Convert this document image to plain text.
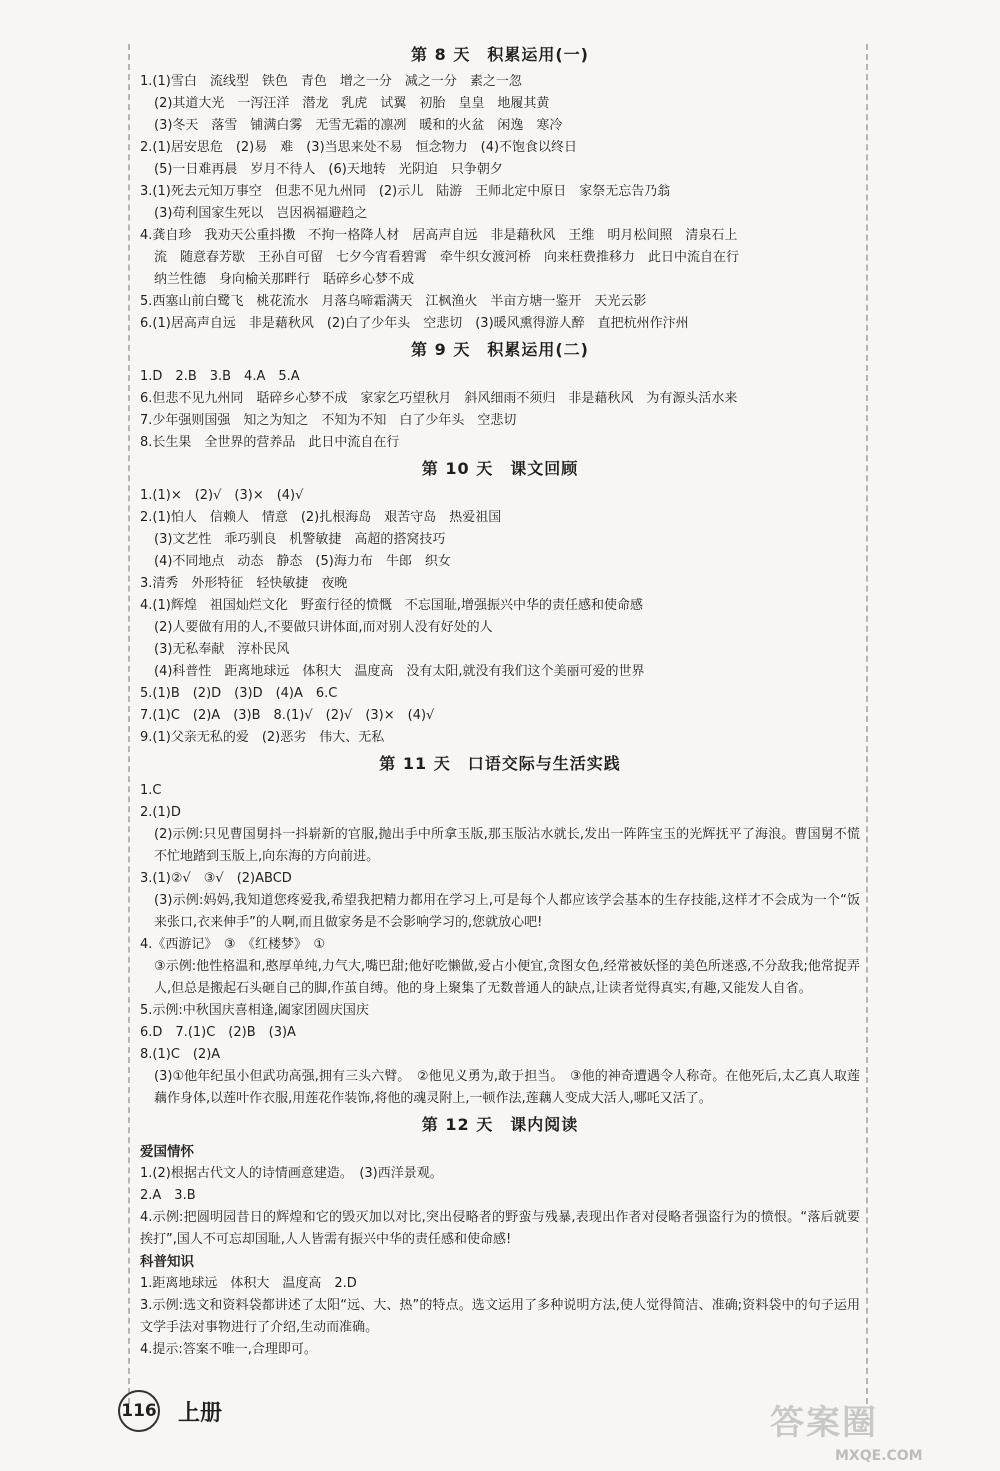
第 8 天　积累运用(一)
1.(1)雪白　流线型　铁色　青色　增之一分　减之一分　素之一忽
(2)其道大光　一泻汪洋　潜龙　乳虎　试翼　初胎　皇皇　地履其黄
(3)冬天　落雪　铺满白雾　无雪无霜的凛冽　暖和的火盆　闲逸　寒冷
2.(1)居安思危　(2)易　难　(3)当思来处不易　恒念物力　(4)不饱食以终日
(5)一日难再晨　岁月不待人　(6)天地转　光阴迫　只争朝夕
3.(1)死去元知万事空　但悲不见九州同　(2)示儿　陆游　王师北定中原日　家祭无忘告乃翁
(3)苟利国家生死以　岂因祸福避趋之
4.龚自珍　我劝天公重抖擞　不拘一格降人材　居高声自远　非是藉秋风　王维　明月松间照　清泉石上
流　随意春芳歇　王孙自可留　七夕今宵看碧霄　牵牛织女渡河桥　向来枉费推移力　此日中流自在行
纳兰性德　身向榆关那畔行　聒碎乡心梦不成
5.西塞山前白鹭飞　桃花流水　月落乌啼霜满天　江枫渔火　半亩方塘一鉴开　天光云影
6.(1)居高声自远　非是藉秋风　(2)白了少年头　空悲切　(3)暖风熏得游人醉　直把杭州作汴州
第 9 天　积累运用(二)
1.D　2.B　3.B　4.A　5.A
6.但悲不见九州同　聒碎乡心梦不成　家家乞巧望秋月　斜风细雨不须归　非是藉秋风　为有源头活水来
7.少年强则国强　知之为知之　不知为不知　白了少年头　空悲切
8.长生果　全世界的营养品　此日中流自在行
第 10 天　课文回顾
1.(1)×　(2)√　(3)×　(4)√
2.(1)怕人　信赖人　情意　(2)扎根海岛　艰苦守岛　热爱祖国
(3)文艺性　乖巧驯良　机警敏捷　高超的搭窝技巧
(4)不同地点　动态　静态　(5)海力布　牛郎　织女
3.清秀　外形特征　轻快敏捷　夜晚
4.(1)辉煌　祖国灿烂文化　野蛮行径的愤慨　不忘国耻,增强振兴中华的责任感和使命感
(2)人要做有用的人,不要做只讲体面,而对别人没有好处的人
(3)无私奉献　淳朴民风
(4)科普性　距离地球远　体积大　温度高　没有太阳,就没有我们这个美丽可爱的世界
5.(1)B　(2)D　(3)D　(4)A　6.C
7.(1)C　(2)A　(3)B　8.(1)√　(2)√　(3)×　(4)√
9.(1)父亲无私的爱　(2)恶劣　伟大、无私
第 11 天　口语交际与生活实践
1.C
2.(1)D
(2)示例:只见曹国舅抖一抖崭新的官服,抛出手中所拿玉版,那玉版沾水就长,发出一阵阵宝玉的光辉抚平了海浪。曹国舅不慌不忙地踏到玉版上,向东海的方向前进。
3.(1)②√　③√　(2)ABCD
(3)示例:妈妈,我知道您疼爱我,希望我把精力都用在学习上,可是每个人都应该学会基本的生存技能,这样才不会成为一个“饭来张口,衣来伸手”的人啊,而且做家务是不会影响学习的,您就放心吧!
4.《西游记》　③　《红楼梦》　①
③示例:他性格温和,憨厚单纯,力气大,嘴巴甜;他好吃懒做,爱占小便宜,贪图女色,经常被妖怪的美色所迷惑,不分敌我;他常捉弄人,但总是搬起石头砸自己的脚,作茧自缚。他的身上聚集了无数普通人的缺点,让读者觉得真实,有趣,又能发人自省。
5.示例:中秋国庆喜相逢,阖家团圆庆国庆
6.D　7.(1)C　(2)B　(3)A
8.(1)C　(2)A
(3)①他年纪虽小但武功高强,拥有三头六臂。　②他见义勇为,敢于担当。　③他的神奇遭遇令人称奇。在他死后,太乙真人取莲藕作身体,以莲叶作衣服,用莲花作装饰,将他的魂灵附上,一顿作法,莲藕人变成大活人,哪吒又活了。
第 12 天　课内阅读
爱国情怀
1.(2)根据古代文人的诗情画意建造。　(3)西洋景观。
2.A　3.B
4.示例:把圆明园昔日的辉煌和它的毁灭加以对比,突出侵略者的野蛮与残暴,表现出作者对侵略者强盗行为的愤恨。“落后就要挨打”,国人不可忘却国耻,人人皆需有振兴中华的责任感和使命感!
科普知识
1.距离地球远　体积大　温度高　2.D
3.示例:选文和资料袋都讲述了太阳“远、大、热”的特点。选文运用了多种说明方法,使人觉得简洁、准确;资料袋中的句子运用文学手法对事物进行了介绍,生动而准确。
4.提示:答案不唯一,合理即可。
116 上册	答案圈
MXQE.COM
